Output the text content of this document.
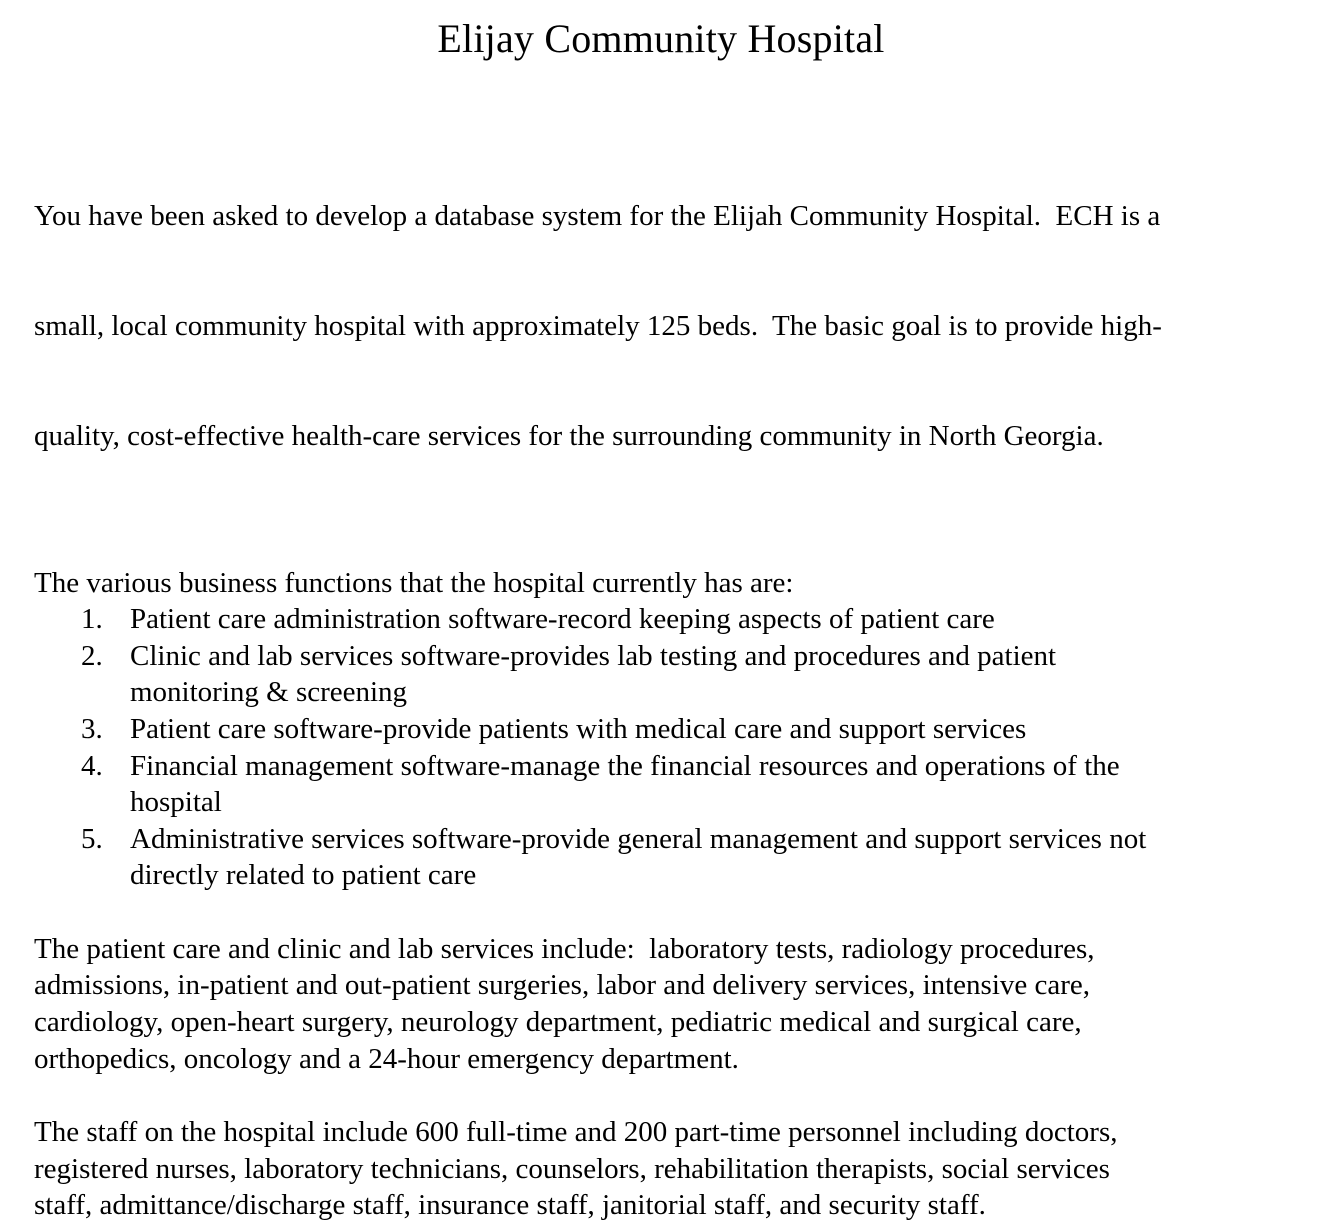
Elijay Community Hospital

You have been asked to develop a database system for the Elijah Community Hospital.  ECH is a

small, local community hospital with approximately 125 beds.  The basic goal is to provide high-

quality, cost-effective health-care services for the surrounding community in North Georgia.

The various business functions that the hospital currently has are:

1. Patient care administration software-record keeping aspects of patient care
2. Clinic and lab services software-provides lab testing and procedures and patient
monitoring & screening
3. Patient care software-provide patients with medical care and support services
4. Financial management software-manage the financial resources and operations of the
hospital
5. Administrative services software-provide general management and support services not
directly related to patient care

The patient care and clinic and lab services include:  laboratory tests, radiology procedures,
admissions, in-patient and out-patient surgeries, labor and delivery services, intensive care,
cardiology, open-heart surgery, neurology department, pediatric medical and surgical care,
orthopedics, oncology and a 24-hour emergency department.

The staff on the hospital include 600 full-time and 200 part-time personnel including doctors,
registered nurses, laboratory technicians, counselors, rehabilitation therapists, social services
staff, admittance/discharge staff, insurance staff, janitorial staff, and security staff.
